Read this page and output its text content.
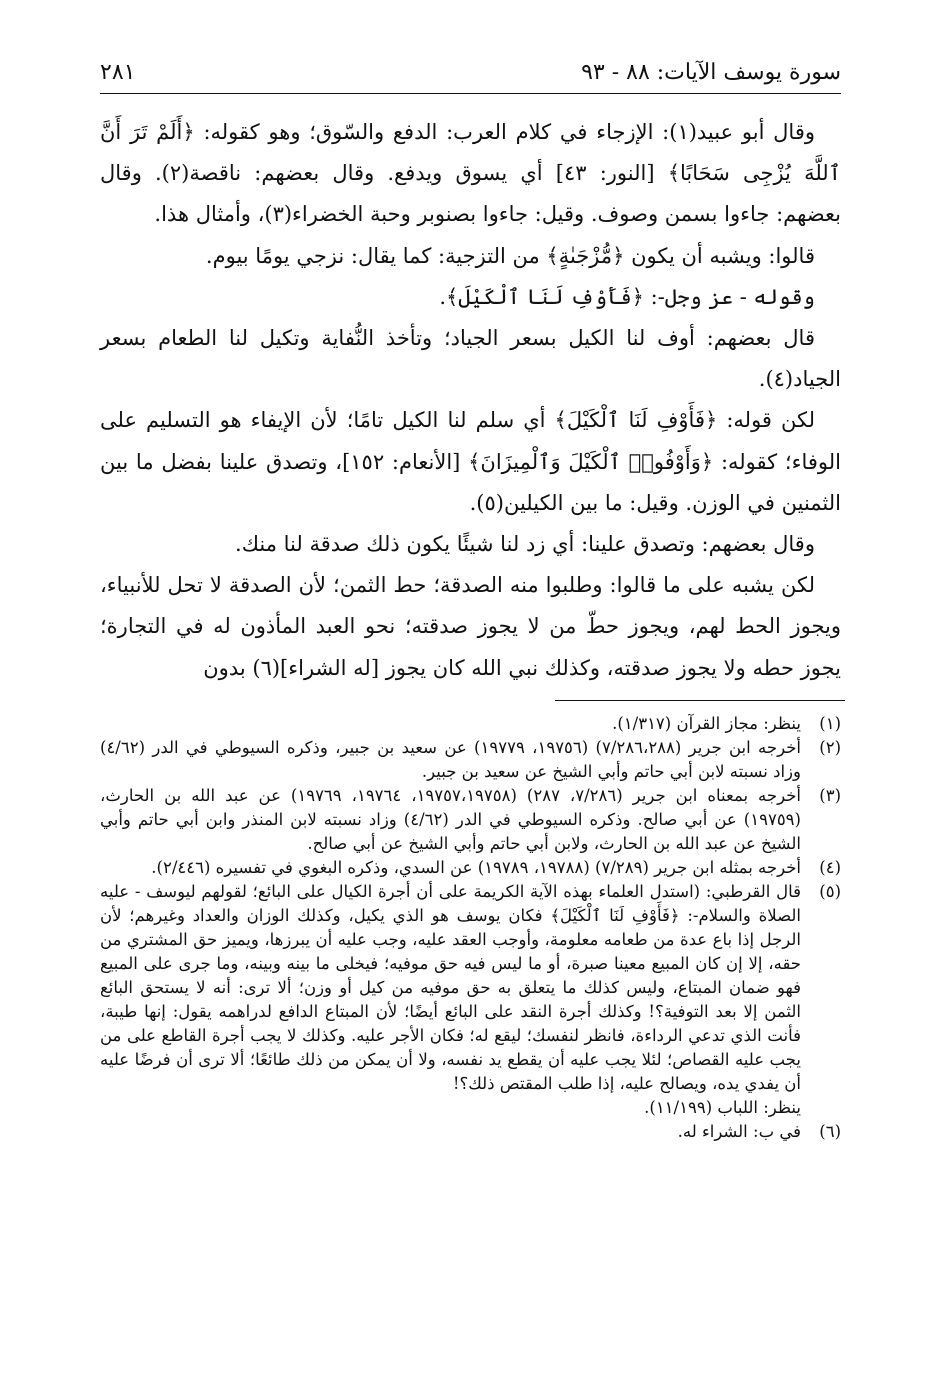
سورة يوسف الآيات: ٨٨ - ٩٣
٢٨١

وقال أبو عبيد(١): الإزجاء في كلام العرب: الدفع والسّوق؛ وهو كقوله: ﴿أَلَمْ تَرَ أَنَّ ٱللَّهَ يُزْجِى سَحَابًا﴾ [النور: ٤٣] أي يسوق ويدفع. وقال بعضهم: ناقصة(٢). وقال بعضهم: جاءوا بسمن وصوف. وقيل: جاءوا بصنوبر وحبة الخضراء(٣)، وأمثال هذا.

قالوا: ويشبه أن يكون ﴿مُّزْجَىٰةٍ﴾ من التزجية: كما يقال: نزجي يومًا بيوم.

وقوله - عز وجل-: ﴿فَأَوْفِ لَنَا ٱلْكَيْلَ﴾.

قال بعضهم: أوف لنا الكيل بسعر الجياد؛ وتأخذ النُّفاية وتكيل لنا الطعام بسعر الجياد(٤).

لكن قوله: ﴿فَأَوْفِ لَنَا ٱلْكَيْلَ﴾ أي سلم لنا الكيل تامًا؛ لأن الإيفاء هو التسليم على الوفاء؛ كقوله: ﴿وَأَوْفُوا۟ ٱلْكَيْلَ وَٱلْمِيزَانَ﴾ [الأنعام: ١٥٢]، وتصدق علينا بفضل ما بين الثمنين في الوزن. وقيل: ما بين الكيلين(٥).

وقال بعضهم: وتصدق علينا: أي زد لنا شيئًا يكون ذلك صدقة لنا منك.

لكن يشبه على ما قالوا: وطلبوا منه الصدقة؛ حط الثمن؛ لأن الصدقة لا تحل للأنبياء، ويجوز الحط لهم، ويجوز حطّ من لا يجوز صدقته؛ نحو العبد المأذون له في التجارة؛ يجوز حطه ولا يجوز صدقته، وكذلك نبي الله كان يجوز [له الشراء](٦) بدون

(١)
ينظر: مجاز القرآن (١/٣١٧).
(٢)
أخرجه ابن جرير (٧/٢٨٦،٢٨٨) (١٩٧٥٦، ١٩٧٧٩) عن سعيد بن جبير، وذكره السيوطي في الدر (٤/٦٢) وزاد نسبته لابن أبي حاتم وأبي الشيخ عن سعيد بن جبير.
(٣)
أخرجه بمعناه ابن جرير (٧/٢٨٦، ٢٨٧) (١٩٧٥٧،١٩٧٥٨، ١٩٧٦٤، ١٩٧٦٩) عن عبد الله بن الحارث، (١٩٧٥٩) عن أبي صالح. وذكره السيوطي في الدر (٤/٦٢) وزاد نسبته لابن المنذر وابن أبي حاتم وأبي الشيخ عن عبد الله بن الحارث، ولابن أبي حاتم وأبي الشيخ عن أبي صالح.
(٤)
أخرجه بمثله ابن جرير (٧/٢٨٩) (١٩٧٨٨، ١٩٧٨٩) عن السدي، وذكره البغوي في تفسيره (٢/٤٤٦).
(٥)
قال القرطبي: (استدل العلماء بهذه الآية الكريمة على أن أجرة الكيال على البائع؛ لقولهم ليوسف - عليه الصلاة والسلام-: ﴿فَأَوْفِ لَنَا ٱلْكَيْلَ﴾ فكان يوسف هو الذي يكيل، وكذلك الوزان والعداد وغيرهم؛ لأن الرجل إذا باع عدة من طعامه معلومة، وأوجب العقد عليه، وجب عليه أن يبرزها، ويميز حق المشتري من حقه، إلا إن كان المبيع معينا صبرة، أو ما ليس فيه حق موفيه؛ فيخلى ما بينه وبينه، وما جرى على المبيع فهو ضمان المبتاع، وليس كذلك ما يتعلق به حق موفيه من كيل أو وزن؛ ألا ترى: أنه لا يستحق البائع الثمن إلا بعد التوفية؟! وكذلك أجرة النقد على البائع أيضًا؛ لأن المبتاع الدافع لدراهمه يقول: إنها طيبة، فأنت الذي تدعي الرداءة، فانظر لنفسك؛ ليقع له؛ فكان الأجر عليه. وكذلك لا يجب أجرة القاطع على من يجب عليه القصاص؛ لئلا يجب عليه أن يقطع يد نفسه، ولا أن يمكن من ذلك طائعًا؛ ألا ترى أن فرضًا عليه أن يفدي يده، ويصالح عليه، إذا طلب المقتص ذلك؟!
ينظر: اللباب (١١/١٩٩).
(٦)
في ب: الشراء له.
